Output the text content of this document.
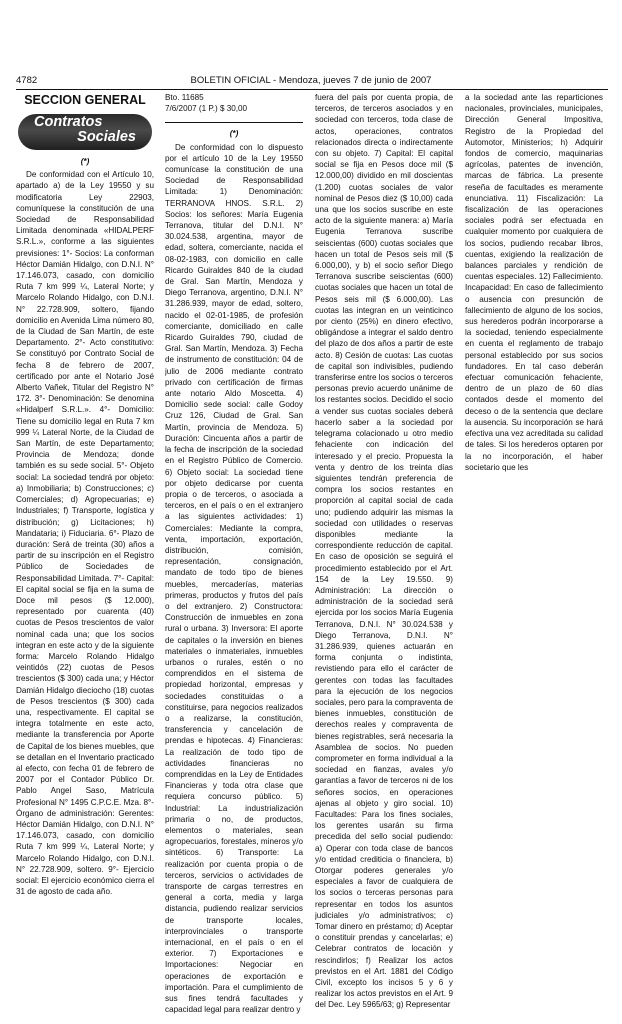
4782	BOLETIN OFICIAL - Mendoza, jueves 7 de junio de 2007
SECCION GENERAL
Contratos
Sociales
(*)

De conformidad con el Artículo 10, apartado a) de la Ley 19550 y su modificatoria Ley 22903, comuníquese la constitución de una Sociedad de Responsabilidad Limitada denominada «HIDALPERF S.R.L.», conforme a las siguientes previsiones: 1°- Socios: La conforman Héctor Damián Hidalgo, con D.N.I. N° 17.146.073, casado, con domicilio Ruta 7 km 999 ¼, Lateral Norte; y Marcelo Rolando Hidalgo, con D.N.I. N° 22.728.909, soltero, fijando domicilio en Avenida Lima número 80, de la Ciudad de San Martín, de este Departamento. 2°- Acto constitutivo: Se constituyó por Contrato Social de fecha 8 de febrero de 2007, certificado por ante el Notario José Alberto Vañek, Titular del Registro N° 172. 3°- Denominación: Se denomina «Hidalperf S.R.L.». 4°- Domicilio: Tiene su domicilio legal en Ruta 7 km 999 ¼ Lateral Norte, de la Ciudad de San Martín, de este Departamento; Provincia de Mendoza; donde también es su sede social. 5°- Objeto social: La sociedad tendrá por objeto: a) Inmobiliaria; b) Construcciones; c) Comerciales; d) Agropecuarias; e) Industriales; f) Transporte, logística y distribución; g) Licitaciones; h) Mandataria; i) Fiduciaria. 6°- Plazo de duración: Será de treinta (30) años a partir de su inscripción en el Registro Público de Sociedades de Responsabilidad Limitada. 7°- Capital: El capital social se fija en la suma de Doce mil pesos ($ 12.000), representado por cuarenta (40) cuotas de Pesos trescientos de valor nominal cada una; que los socios integran en este acto y de la siguiente forma: Marcelo Rolando Hidalgo veintidós (22) cuotas de Pesos trescientos ($ 300) cada una; y Héctor Damián Hidalgo dieciocho (18) cuotas de Pesos trescientos ($ 300) cada una, respectivamente. El capital se integra totalmente en este acto, mediante la transferencia por Aporte de Capital de los bienes muebles, que se detallan en el Inventario practicado al efecto, con fecha 01 de febrero de 2007 por el Contador Público Dr. Pablo Angel Saso, Matrícula Profesional N° 1495 C.P.C.E. Mza. 8°- Órgano de administración: Gerentes: Héctor Damián Hidalgo, con D.N.I. N° 17.146.073, casado, con domicilio Ruta 7 km 999 ¼, Lateral Norte; y Marcelo Rolando Hidalgo, con D.N.I. N° 22.728.909, soltero. 9°- Ejercicio social: El ejercicio económico cierra el 31 de agosto de cada año.

Bto. 11685

7/6/2007 (1 P.) $ 30,00

(*)

De conformidad con lo dispuesto por el artículo 10 de la Ley 19550 comunícase la constitución de una Sociedad de Responsabilidad Limitada: 1) Denominación: TERRANOVA HNOS. S.R.L. 2) Socios: los señores: María Eugenia Terranova, titular del D.N.I. N° 30.024.538, argentina, mayor de edad, soltera, comerciante, nacida el 08-02-1983, con domicilio en calle Ricardo Guiraldes 840 de la ciudad de Gral. San Martín, Mendoza y Diego Terranova, argentino, D.N.I. N° 31.286.939, mayor de edad, soltero, nacido el 02-01-1985, de profesión comerciante, domiciliado en calle Ricardo Guiraldes 790, ciudad de Gral. San Martín, Mendoza. 3) Fecha de instrumento de constitución: 04 de julio de 2006 mediante contrato privado con certificación de firmas ante notario Aldo Moscetta. 4) Domicilio sede social: calle Godoy Cruz 126, Ciudad de Gral. San Martín, provincia de Mendoza. 5) Duración: Cincuenta años a partir de la fecha de inscripción de la sociedad en el Registro Público de Comercio. 6) Objeto social: La sociedad tiene por objeto dedicarse por cuenta propia o de terceros, o asociada a terceros, en el país o en el extranjero a las siguientes actividades: 1) Comerciales: Mediante la compra, venta, importación, exportación, distribución, comisión, representación, consignación, mandato de todo tipo de bienes muebles, mercaderías, materias primeras, productos y frutos del país o del extranjero. 2) Constructora: Construcción de inmuebles en zona rural o urbana. 3) Inversora: El aporte de capitales o la inversión en bienes materiales o inmateriales, inmuebles urbanos o rurales, estén o no comprendidos en el sistema de propiedad horizontal, empresas y sociedades constituidas o a constituirse, para negocios realizados o a realizarse, la constitución, transferencia y cancelación de prendas e hipotecas. 4) Financieras: La realización de todo tipo de actividades financieras no comprendidas en la Ley de Entidades Financieras y toda otra clase que requiera concurso público. 5) Industrial: La industrialización primaria o no, de productos, elementos o materiales, sean agropecuarios, forestales, mineros y/o sintéticos. 6) Transporte: La realización por cuenta propia o de terceros, servicios o actividades de transporte de cargas terrestres en general a corta, media y larga distancia, pudiendo realizar servicios de transporte locales, interprovinciales o transporte internacional, en el país o en el exterior. 7) Exportaciones e Importaciones: Negociar en operaciones de exportación e importación. Para el cumplimiento de sus fines tendrá facultades y capacidad legal para realizar dentro y

fuera del país por cuenta propia, de terceros, de terceros asociados y en sociedad con terceros, toda clase de actos, operaciones, contratos relacionados directa o indirectamente con su objeto. 7) Capital: El capital social se fija en Pesos doce mil ($ 12.000,00) dividido en mil doscientas (1.200) cuotas sociales de valor nominal de Pesos diez ($ 10,00) cada una que los socios suscribe en este acto de la siguiente manera: a) María Eugenia Terranova suscribe seiscientas (600) cuotas sociales que hacen un total de Pesos seis mil ($ 6.000,00), y b) el socio señor Diego Terranova suscribe seiscientas (600) cuotas sociales que hacen un total de Pesos seis mil ($ 6.000,00). Las cuotas las integran en un veinticinco por ciento (25%) en dinero efectivo, obligándose a integrar el saldo dentro del plazo de dos años a partir de este acto. 8) Cesión de cuotas: Las cuotas de capital son indivisibles, pudiendo transferirse entre los socios o terceros personas previo acuerdo unánime de los restantes socios. Decidido el socio a vender sus cuotas sociales deberá hacerlo saber a la sociedad por telegrama colacionado u otro medio fehaciente con indicación del interesado y el precio. Propuesta la venta y dentro de los treinta días siguientes tendrán preferencia de compra los socios restantes en proporción al capital social de cada uno; pudiendo adquirir las mismas la sociedad con utilidades o reservas disponibles mediante la correspondiente reducción de capital. En caso de oposición se seguirá el procedimiento establecido por el Art. 154 de la Ley 19.550. 9) Administración: La dirección o administración de la sociedad será ejercida por los socios María Eugenia Terranova, D.N.I. N° 30.024.538 y Diego Terranova, D.N.I. N° 31.286.939, quienes actuarán en forma conjunta o indistinta, revistiendo para ello el carácter de gerentes con todas las facultades para la ejecución de los negocios sociales, pero para la compraventa de bienes inmuebles, constitución de derechos reales y compraventa de bienes registrables, será necesaria la Asamblea de socios. No pueden comprometer en forma individual a la sociedad en fianzas, avales y/o garantías a favor de terceros ni de los señores socios, en operaciones ajenas al objeto y giro social. 10) Facultades: Para los fines sociales, los gerentes usarán su firma precedida del sello social pudiendo: a) Operar con toda clase de bancos y/o entidad crediticia o financiera, b) Otorgar poderes generales y/o especiales a favor de cualquiera de los socios o terceras personas para representar en todos los asuntos judiciales y/o administrativos; c) Tomar dinero en préstamo; d) Aceptar o constituir prendas y cancelarlas; e) Celebrar contratos de locación y rescindirlos; f) Realizar los actos previstos en el Art. 1881 del Código Civil, excepto los incisos 5 y 6 y realizar los actos previstos en el Art. 9 del Dec. Ley 5965/63; g) Representar

a la sociedad ante las reparticiones nacionales, provinciales, municipales, Dirección General Impositiva, Registro de la Propiedad del Automotor, Ministerios; h) Adquirir fondos de comercio, maquinarias agrícolas, patentes de invención, marcas de fábrica. La presente reseña de facultades es meramente enunciativa. 11) Fiscalización: La fiscalización de las operaciones sociales podrá ser efectuada en cualquier momento por cualquiera de los socios, pudiendo recabar libros, cuentas, exigiendo la realización de balances parciales y rendición de cuentas especiales. 12) Fallecimiento. Incapacidad: En caso de fallecimiento o ausencia con presunción de fallecimiento de alguno de los socios, sus herederos podrán incorporarse a la sociedad, teniendo especialmente en cuenta el reglamento de trabajo personal establecido por sus socios fundadores. En tal caso deberán efectuar comunicación fehaciente, dentro de un plazo de 60 días contados desde el momento del deceso o de la sentencia que declare la ausencia. Su incorporación se hará efectiva una vez acreditada su calidad de tales. Si los herederos optaren por la no incorporación, el haber societario que les
